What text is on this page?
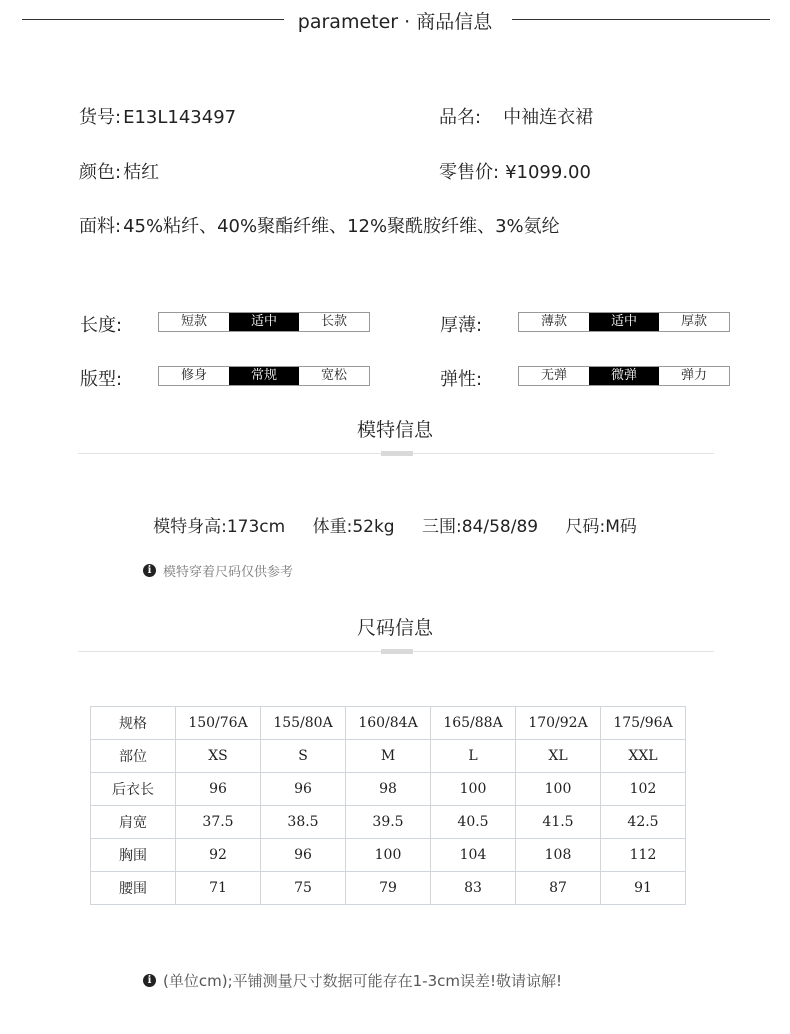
parameter · 商品信息
货号: E13L143497	品名: 中袖连衣裙
颜色: 桔红	零售价: ¥1099.00
面料: 45%粘纤、40%聚酯纤维、12%聚酰胺纤维、3%氨纶
长度:	短款	适中	长款	厚薄:	薄款	适中	厚款
版型:	修身	常规	宽松	弹性:	无弹	微弹	弹力
模特信息
模特身高:173cm 体重:52kg 三围:84/58/89 尺码:M码
i 模特穿着尺码仅供参考
尺码信息
规格	150/76A	155/80A	160/84A	165/88A	170/92A	175/96A
部位	XS	S	M	L	XL	XXL
后衣长	96	96	98	100	100	102
肩宽	37.5	38.5	39.5	40.5	41.5	42.5
胸围	92	96	100	104	108	112
腰围	71	75	79	83	87	91
i (单位cm);平铺测量尺寸数据可能存在1-3cm误差!敬请谅解!
